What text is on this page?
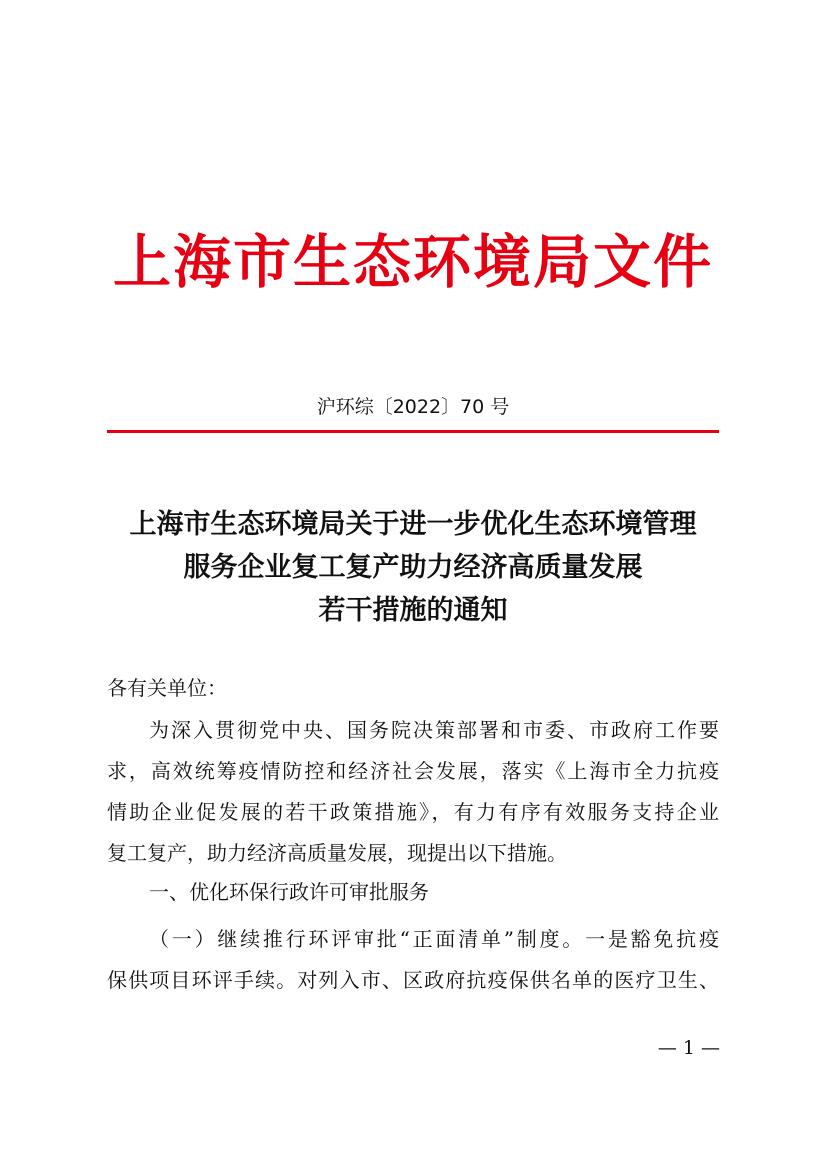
上海市生态环境局文件
沪环综〔2022〕70 号
上海市生态环境局关于进一步优化生态环境管理
服务企业复工复产助力经济高质量发展
若干措施的通知
各有关单位：
为深入贯彻党中央、国务院决策部署和市委、市政府工作要
求，高效统筹疫情防控和经济社会发展，落实《上海市全力抗疫
情助企业促发展的若干政策措施》，有力有序有效服务支持企业
复工复产，助力经济高质量发展，现提出以下措施。
一、优化环保行政许可审批服务
（一）继续推行环评审批“正面清单”制度。一是豁免抗疫
保供项目环评手续。对列入市、区政府抗疫保供名单的医疗卫生、
— 1 —
